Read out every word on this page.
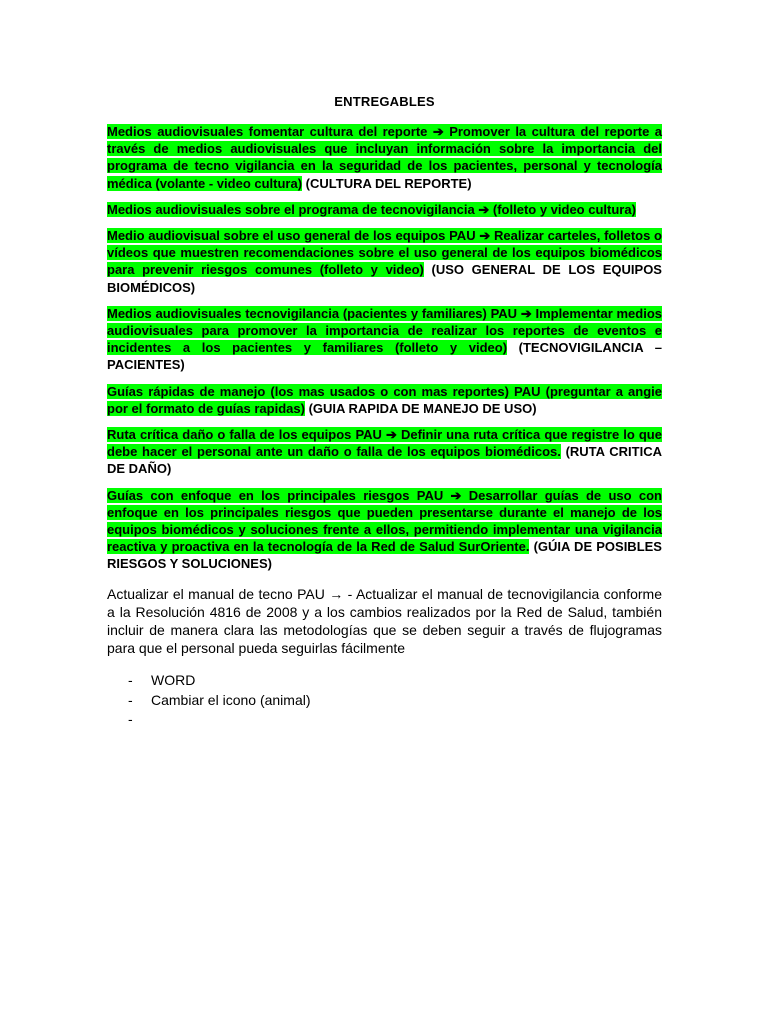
ENTREGABLES

Medios audiovisuales fomentar cultura del reporte ➔ Promover la cultura del reporte a través de medios audiovisuales que incluyan información sobre la importancia del programa de tecno vigilancia en la seguridad de los pacientes, personal y tecnología médica (volante - video cultura) (CULTURA DEL REPORTE)

Medios audiovisuales sobre el programa de tecnovigilancia ➔ (folleto y video cultura)

Medio audiovisual sobre el uso general de los equipos PAU ➔ Realizar carteles, folletos o vídeos que muestren recomendaciones sobre el uso general de los equipos biomédicos para prevenir riesgos comunes (folleto y video) (USO GENERAL DE LOS EQUIPOS BIOMÉDICOS)

Medios audiovisuales tecnovigilancia (pacientes y familiares) PAU ➔ Implementar medios audiovisuales para promover la importancia de realizar los reportes de eventos e incidentes a los pacientes y familiares (folleto y video) (TECNOVIGILANCIA – PACIENTES)

Guías rápidas de manejo (los mas usados o con mas reportes) PAU (preguntar a angie por el formato de guías rapidas) (GUIA RAPIDA DE MANEJO DE USO)

Ruta crítica daño o falla de los equipos PAU ➔ Definir una ruta crítica que registre lo que debe hacer el personal ante un daño o falla de los equipos biomédicos. (RUTA CRITICA DE DAÑO)

Guías con enfoque en los principales riesgos PAU ➔ Desarrollar guías de uso con enfoque en los principales riesgos que pueden presentarse durante el manejo de los equipos biomédicos y soluciones frente a ellos, permitiendo implementar una vigilancia reactiva y proactiva en la tecnología de la Red de Salud SurOriente. (GÚIA DE POSIBLES RIESGOS Y SOLUCIONES)

Actualizar el manual de tecno PAU → - Actualizar el manual de tecnovigilancia conforme a la Resolución 4816 de 2008 y a los cambios realizados por la Red de Salud, también incluir de manera clara las metodologías que se deben seguir a través de flujogramas para que el personal pueda seguirlas fácilmente

- WORD
- Cambiar el icono (animal)
-
